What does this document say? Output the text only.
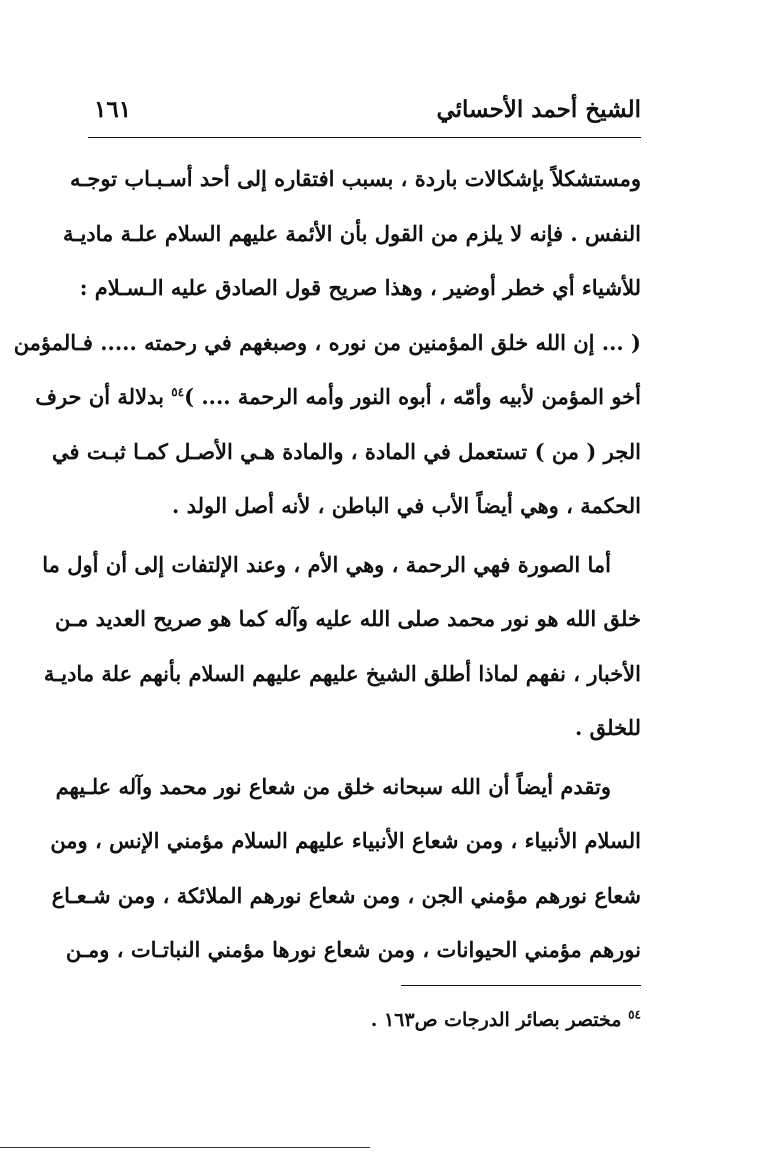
الشيخ أحمد الأحسائي
١٦١
ومستشكلاً بإشكالات باردة ، بسبب افتقاره إلى أحد أسـبـاب توجـه
النفس . فإنه لا يلزم من القول بأن الأئمة عليهم السلام علـة ماديـة
للأشياء أي خطر أوضير ، وهذا صريح قول الصادق عليه الـسـلام :
( ... إن الله خلق المؤمنين من نوره ، وصبغهم في رحمته ..... فـالمؤمن
أخو المؤمن لأبيه وأمّه ، أبوه النور وأمه الرحمة .... )$^{٥٤}$ بدلالة أن حرف
الجر ( من ) تستعمل في المادة ، والمادة هـي الأصـل كمـا ثبـت في
الحكمة ، وهي أيضاً الأب في الباطن ، لأنه أصل الولد .
أما الصورة فهي الرحمة ، وهي الأم ، وعند الإلتفات إلى أن أول ما
خلق الله هو نور محمد صلى الله عليه وآله كما هو صريح العديد مـن
الأخبار ، نفهم لماذا أطلق الشيخ عليهم عليهم السلام بأنهم علة ماديـة
للخلق .
وتقدم أيضاً أن الله سبحانه خلق من شعاع نور محمد وآله علـيهم
السلام الأنبياء ، ومن شعاع الأنبياء عليهم السلام مؤمني الإنس ، ومن
شعاع نورهم مؤمني الجن ، ومن شعاع نورهم الملائكة ، ومن شـعـاع
نورهم مؤمني الحيوانات ، ومن شعاع نورها مؤمني النباتـات ، ومـن
$^{٥٤}$ مختصر بصائر الدرجات ص١٦٣ .
